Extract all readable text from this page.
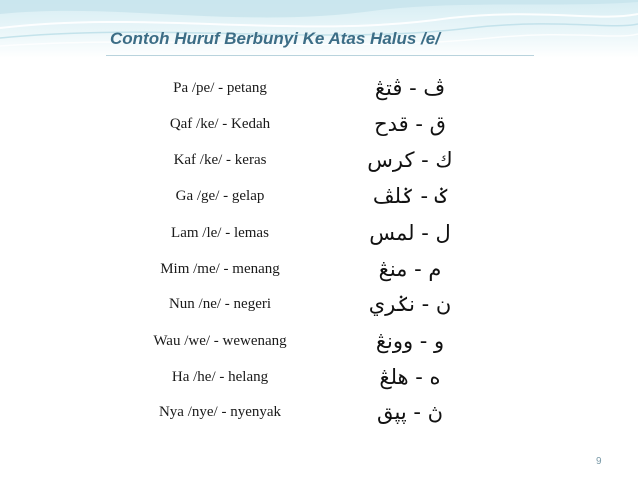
Contoh Huruf Berbunyi Ke Atas Halus /e/
Pa /pe/ - petang	ڤ - ڤتڠ
Qaf /ke/ - Kedah	ق - قدح
Kaf /ke/ - keras	ك - كرس
Ga /ge/ - gelap	ݢ - ݢلڤ
Lam /le/ - lemas	ل - لمس
Mim /me/ - menang	م - منڠ
Nun /ne/ - negeri	ن - نݢري
Wau /we/ - wewenang	و - وونڠ
Ha /he/ - helang	ه - هلڠ
Nya /nye/ - nyenyak	ڽ - ڽڽق
9
